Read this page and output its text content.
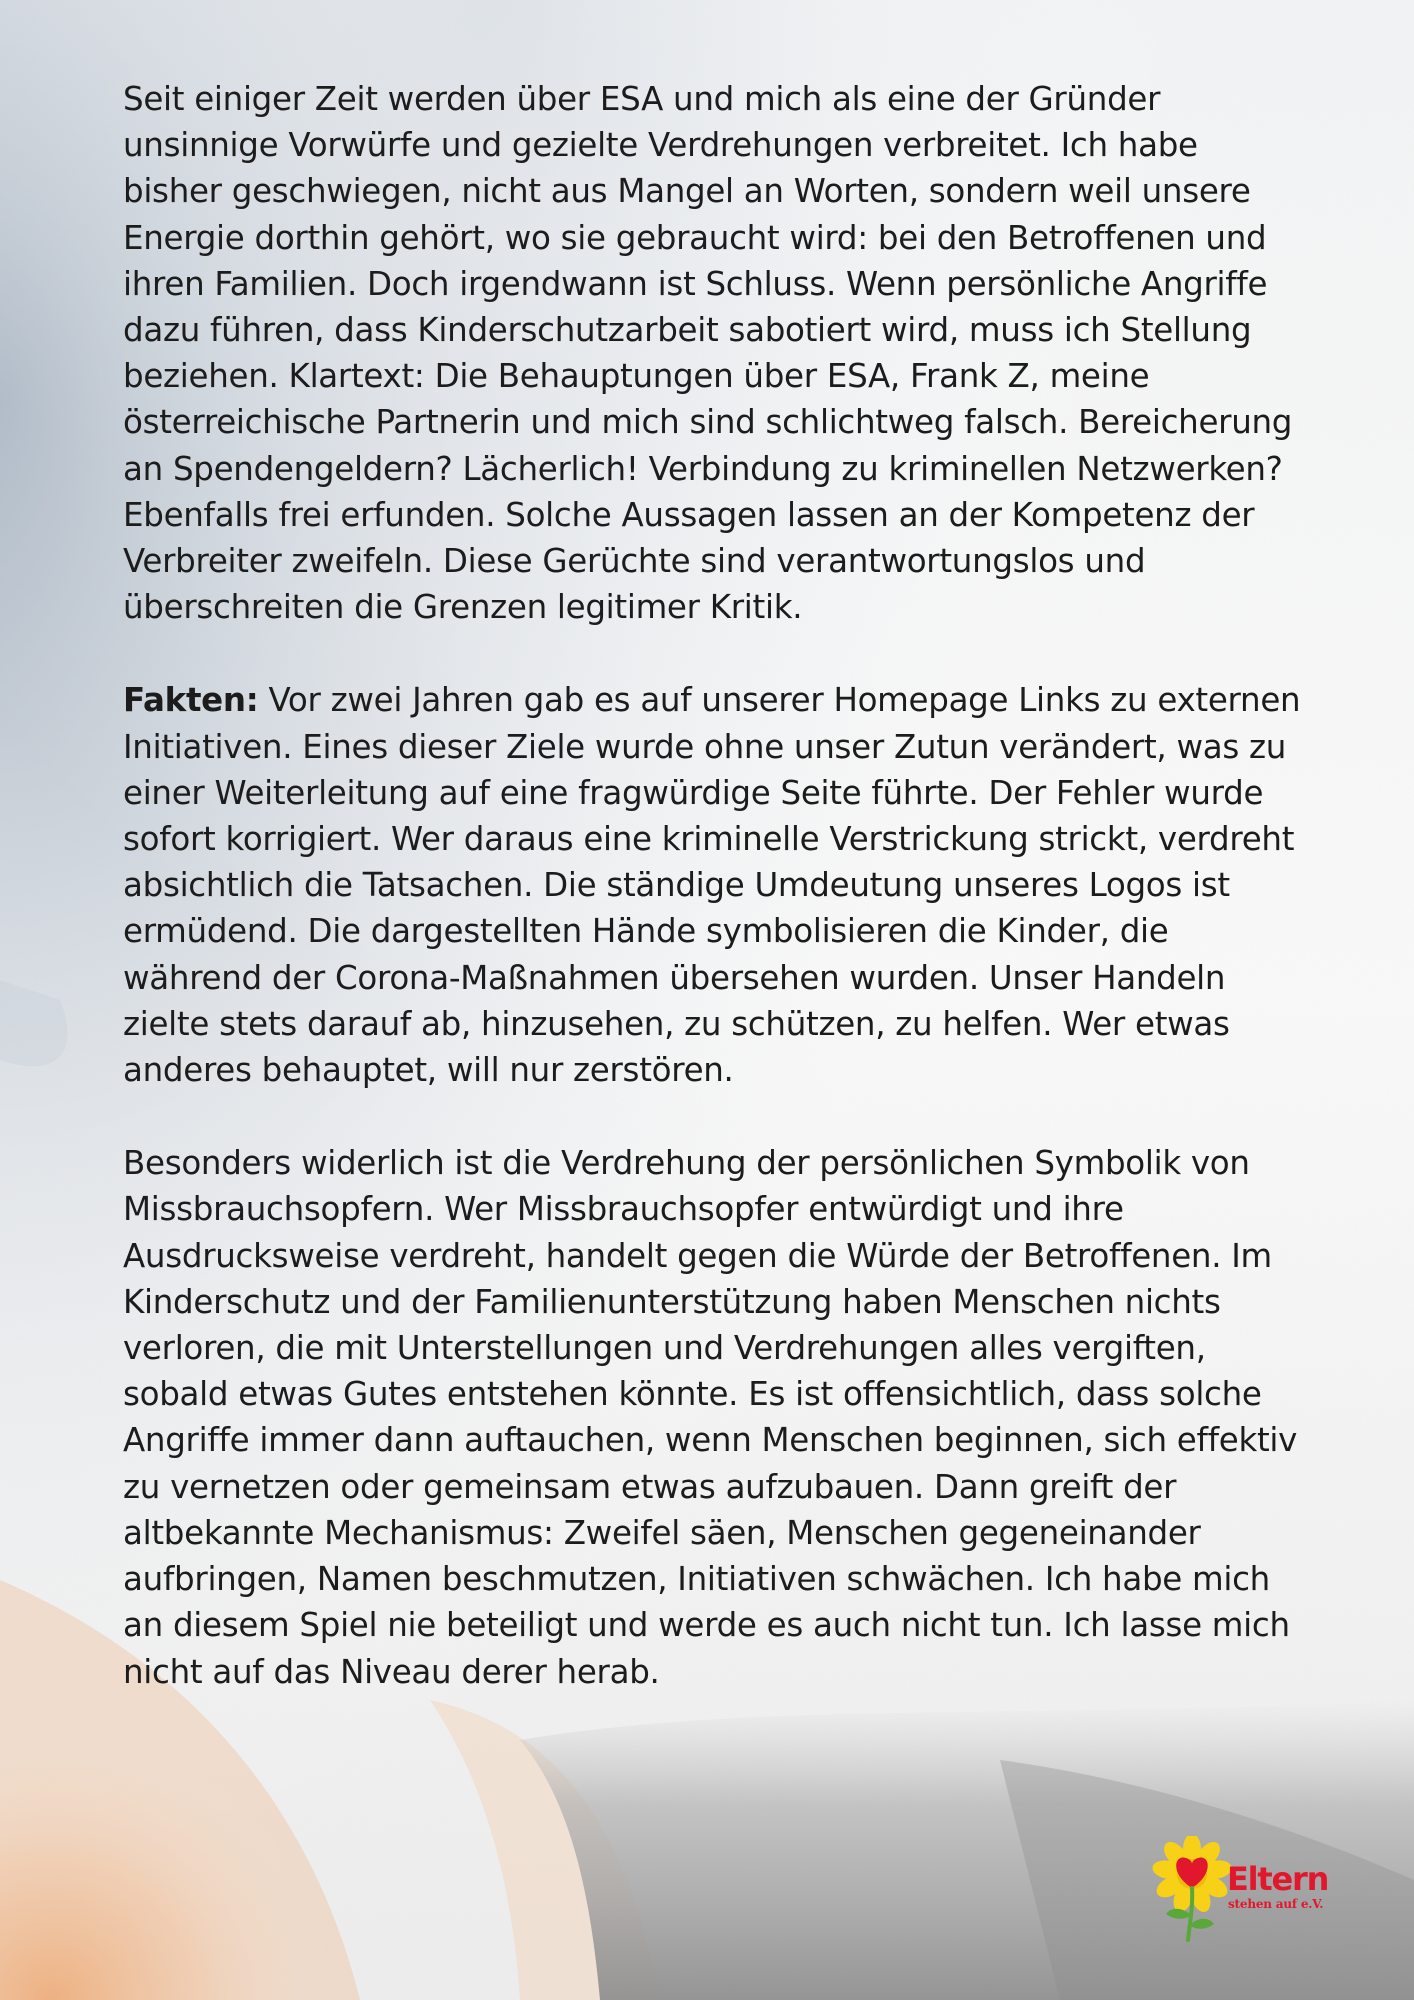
Seit einiger Zeit werden über ESA und mich als eine der Gründer unsinnige Vorwürfe und gezielte Verdrehungen verbreitet. Ich habe bisher geschwiegen, nicht aus Mangel an Worten, sondern weil unsere Energie dorthin gehört, wo sie gebraucht wird: bei den Betroffenen und ihren Familien. Doch irgendwann ist Schluss. Wenn persönliche Angriffe dazu führen, dass Kinderschutzarbeit sabotiert wird, muss ich Stellung beziehen. Klartext: Die Behauptungen über ESA, Frank Z, meine österreichische Partnerin und mich sind schlichtweg falsch. Bereicherung an Spendengeldern? Lächerlich! Verbindung zu kriminellen Netzwerken? Ebenfalls frei erfunden. Solche Aussagen lassen an der Kompetenz der Verbreiter zweifeln. Diese Gerüchte sind verantwortungslos und überschreiten die Grenzen legitimer Kritik.

Fakten: Vor zwei Jahren gab es auf unserer Homepage Links zu externen Initiativen. Eines dieser Ziele wurde ohne unser Zutun verändert, was zu einer Weiterleitung auf eine fragwürdige Seite führte. Der Fehler wurde sofort korrigiert. Wer daraus eine kriminelle Verstrickung strickt, verdreht absichtlich die Tatsachen. Die ständige Umdeutung unseres Logos ist ermüdend. Die dargestellten Hände symbolisieren die Kinder, die während der Corona-Maßnahmen übersehen wurden. Unser Handeln zielte stets darauf ab, hinzusehen, zu schützen, zu helfen. Wer etwas anderes behauptet, will nur zerstören.

Besonders widerlich ist die Verdrehung der persönlichen Symbolik von Missbrauchsopfern. Wer Missbrauchsopfer entwürdigt und ihre Ausdrucksweise verdreht, handelt gegen die Würde der Betroffenen. Im Kinderschutz und der Familienunterstützung haben Menschen nichts verloren, die mit Unterstellungen und Verdrehungen alles vergiften, sobald etwas Gutes entstehen könnte. Es ist offensichtlich, dass solche Angriffe immer dann auftauchen, wenn Menschen beginnen, sich effektiv zu vernetzen oder gemeinsam etwas aufzubauen. Dann greift der altbekannte Mechanismus: Zweifel säen, Menschen gegeneinander aufbringen, Namen beschmutzen, Initiativen schwächen. Ich habe mich an diesem Spiel nie beteiligt und werde es auch nicht tun. Ich lasse mich nicht auf das Niveau derer herab.

Eltern
stehen auf e.V.
